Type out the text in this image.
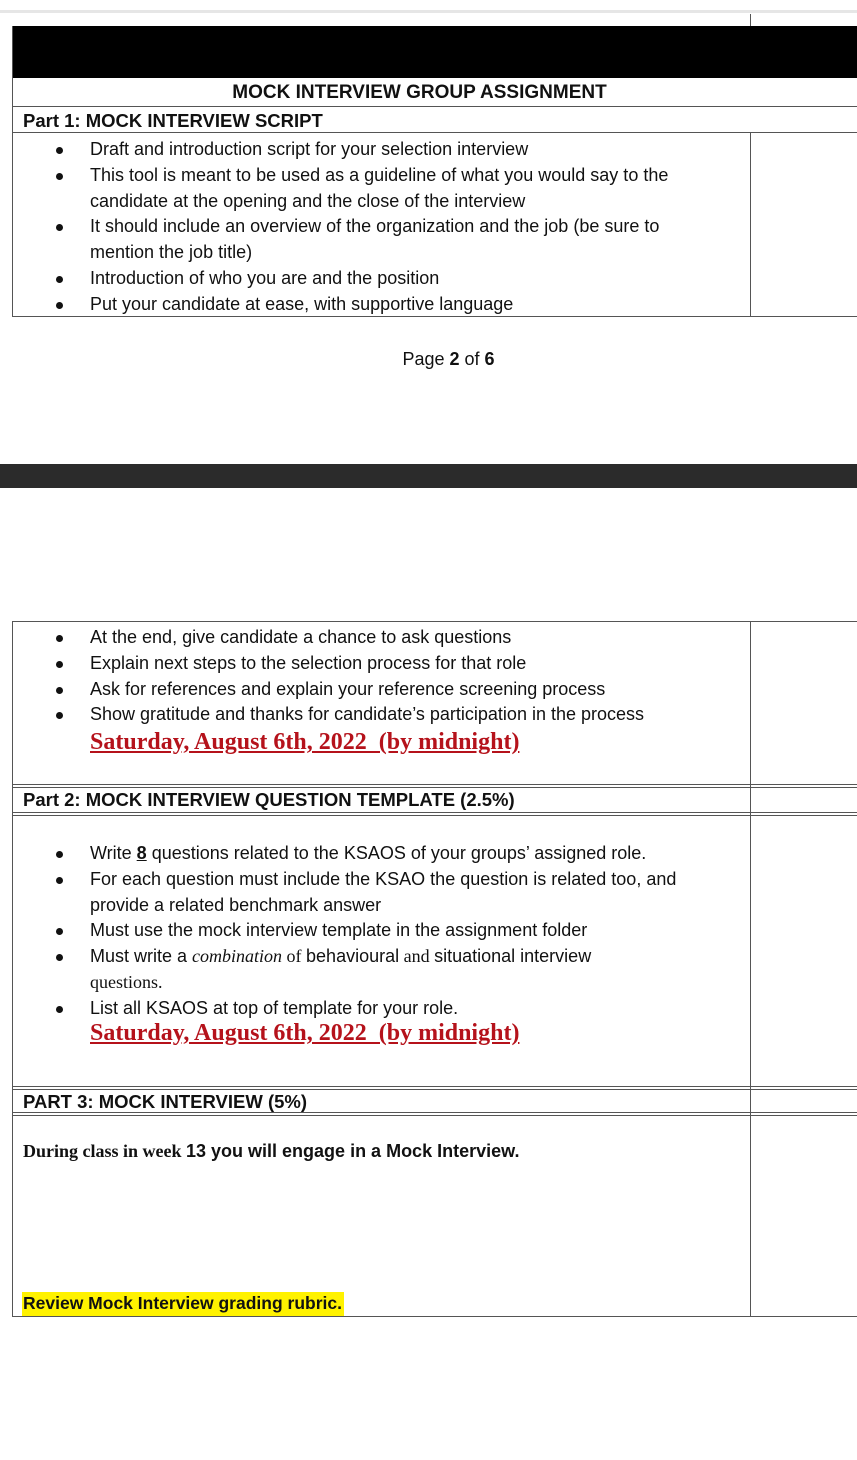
MOCK INTERVIEW GROUP ASSIGNMENT
Part 1: MOCK INTERVIEW SCRIPT
Draft and introduction script for your selection interview
This tool is meant to be used as a guideline of what you would say to the candidate at the opening and the close of the interview
It should include an overview of the organization and the job (be sure to mention the job title)
Introduction of who you are and the position
Put your candidate at ease, with supportive language
Page 2 of 6
At the end, give candidate a chance to ask questions
Explain next steps to the selection process for that role
Ask for references and explain your reference screening process
Show gratitude and thanks for candidate’s participation in the process
Saturday, August 6th, 2022  (by midnight)
Part 2: MOCK INTERVIEW QUESTION TEMPLATE (2.5%)
Write 8 questions related to the KSAOS of your groups’ assigned role.
For each question must include the KSAO the question is related too, and provide a related benchmark answer
Must use the mock interview template in the assignment folder
Must write a combination of behavioural and situational interview
questions.
List all KSAOS at top of template for your role.
Saturday, August 6th, 2022  (by midnight)
PART 3: MOCK INTERVIEW (5%)
During class in week 13 you will engage in a Mock Interview.
Review Mock Interview grading rubric.
